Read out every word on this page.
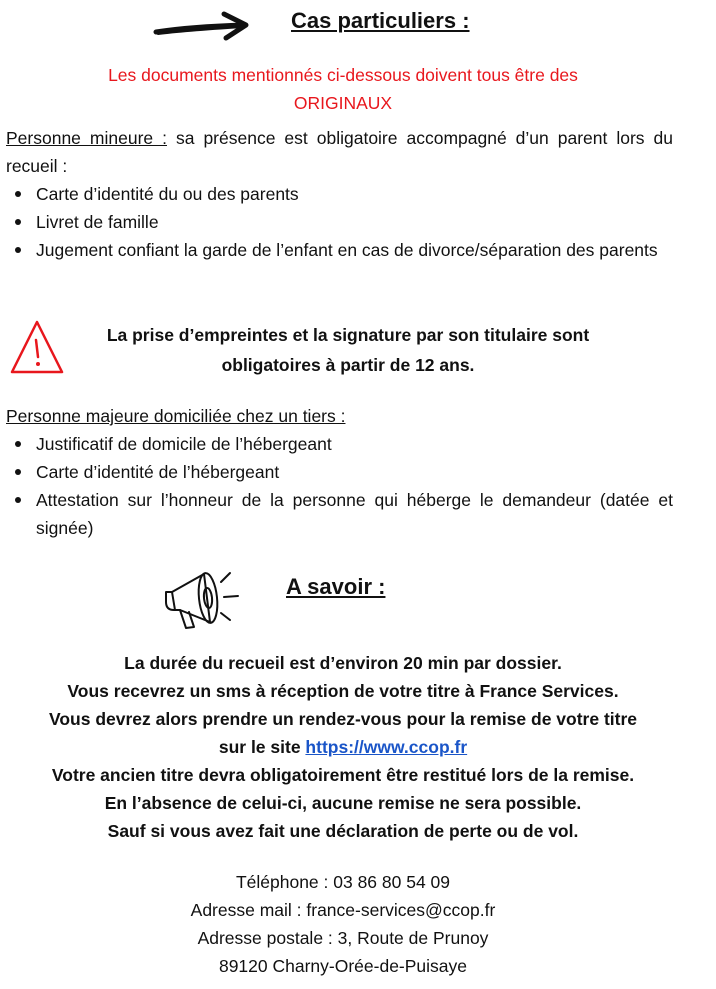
Cas particuliers :
Les documents mentionnés ci-dessous doivent tous être des
ORIGINAUX
Personne mineure : sa présence est obligatoire accompagné d’un parent lors du recueil :
Carte d’identité du ou des parents
Livret de famille
Jugement confiant la garde de l’enfant en cas de divorce/séparation des parents
La prise d’empreintes et la signature par son titulaire sont
obligatoires à partir de 12 ans.
Personne majeure domiciliée chez un tiers :
Justificatif de domicile de l’hébergeant
Carte d’identité de l’hébergeant
Attestation sur l’honneur de la personne qui héberge le demandeur (datée et signée)
A savoir :
La durée du recueil est d’environ 20 min par dossier.
Vous recevrez un sms à réception de votre titre à France Services.
Vous devrez alors prendre un rendez-vous pour la remise de votre titre
sur le site https://www.ccop.fr
Votre ancien titre devra obligatoirement être restitué lors de la remise.
En l’absence de celui-ci, aucune remise ne sera possible.
Sauf si vous avez fait une déclaration de perte ou de vol.
Téléphone : 03 86 80 54 09
Adresse mail : france-services@ccop.fr
Adresse postale : 3, Route de Prunoy
89120 Charny-Orée-de-Puisaye
